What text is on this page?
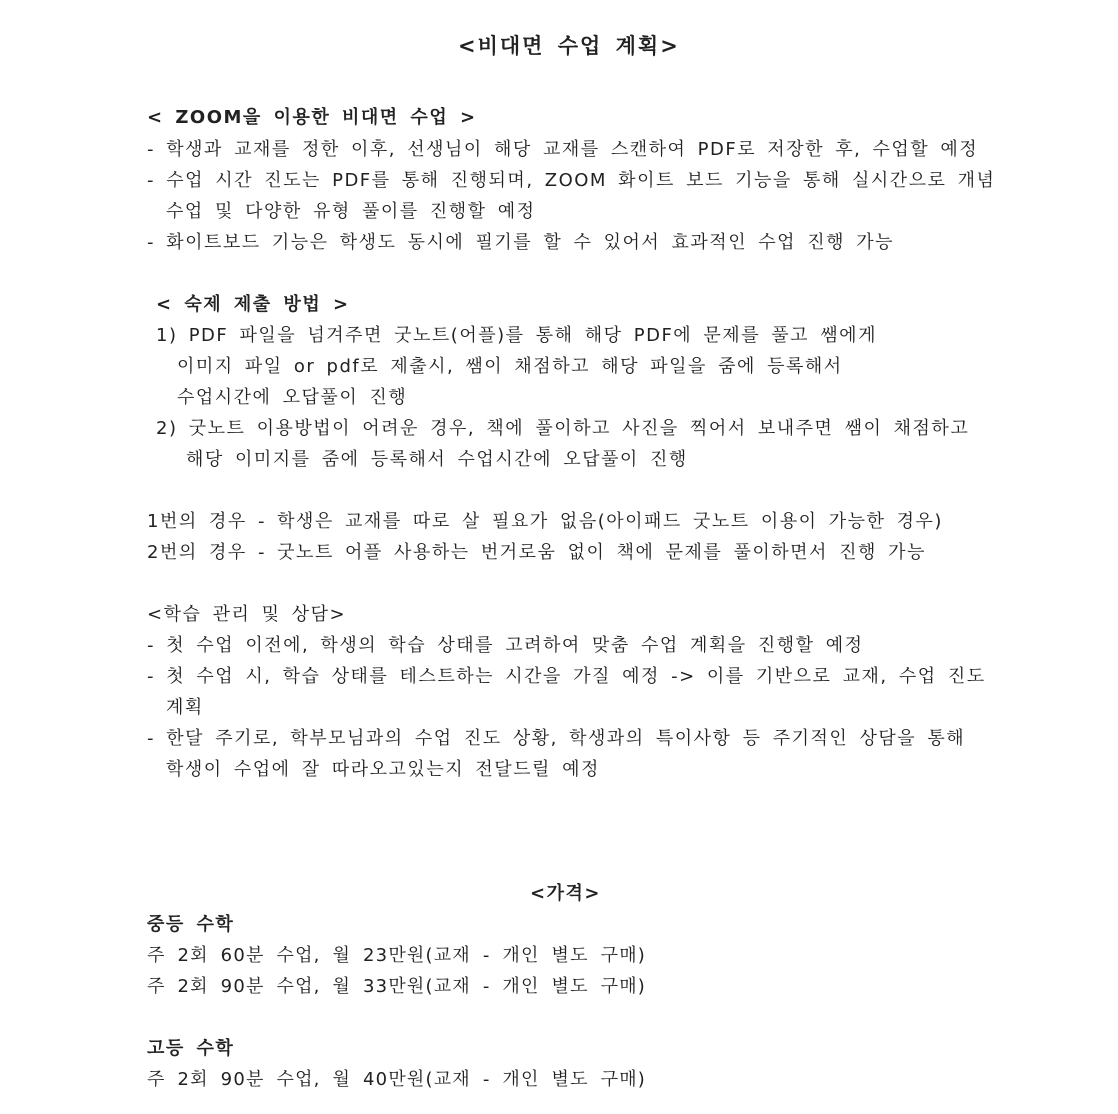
<비대면 수업 계획>
< ZOOM을 이용한 비대면 수업 >
- 학생과 교재를 정한 이후, 선생님이 해당 교재를 스캔하여 PDF로 저장한 후, 수업할 예정
- 수업 시간 진도는 PDF를 통해 진행되며, ZOOM 화이트 보드 기능을 통해 실시간으로 개념
수업 및 다양한 유형 풀이를 진행할 예정
- 화이트보드 기능은 학생도 동시에 필기를 할 수 있어서 효과적인 수업 진행 가능
< 숙제 제출 방법 >
1) PDF 파일을 넘겨주면 굿노트(어플)를 통해 해당 PDF에 문제를 풀고 쌤에게
이미지 파일 or pdf로 제출시, 쌤이 채점하고 해당 파일을 줌에 등록해서
수업시간에 오답풀이 진행
2) 굿노트 이용방법이 어려운 경우, 책에 풀이하고 사진을 찍어서 보내주면 쌤이 채점하고
해당 이미지를 줌에 등록해서 수업시간에 오답풀이 진행
1번의 경우 - 학생은 교재를 따로 살 필요가 없음(아이패드 굿노트 이용이 가능한 경우)
2번의 경우 - 굿노트 어플 사용하는 번거로움 없이 책에 문제를 풀이하면서 진행 가능
<학습 관리 및 상담>
- 첫 수업 이전에, 학생의 학습 상태를 고려하여 맞춤 수업 계획을 진행할 예정
- 첫 수업 시, 학습 상태를 테스트하는 시간을 가질 예정 -> 이를 기반으로 교재, 수업 진도
계획
- 한달 주기로, 학부모님과의 수업 진도 상황, 학생과의 특이사항 등 주기적인 상담을 통해
학생이 수업에 잘 따라오고있는지 전달드릴 예정
<가격>
중등 수학
주 2회 60분 수업, 월 23만원(교재 - 개인 별도 구매)
주 2회 90분 수업, 월 33만원(교재 - 개인 별도 구매)
고등 수학
주 2회 90분 수업, 월 40만원(교재 - 개인 별도 구매)
